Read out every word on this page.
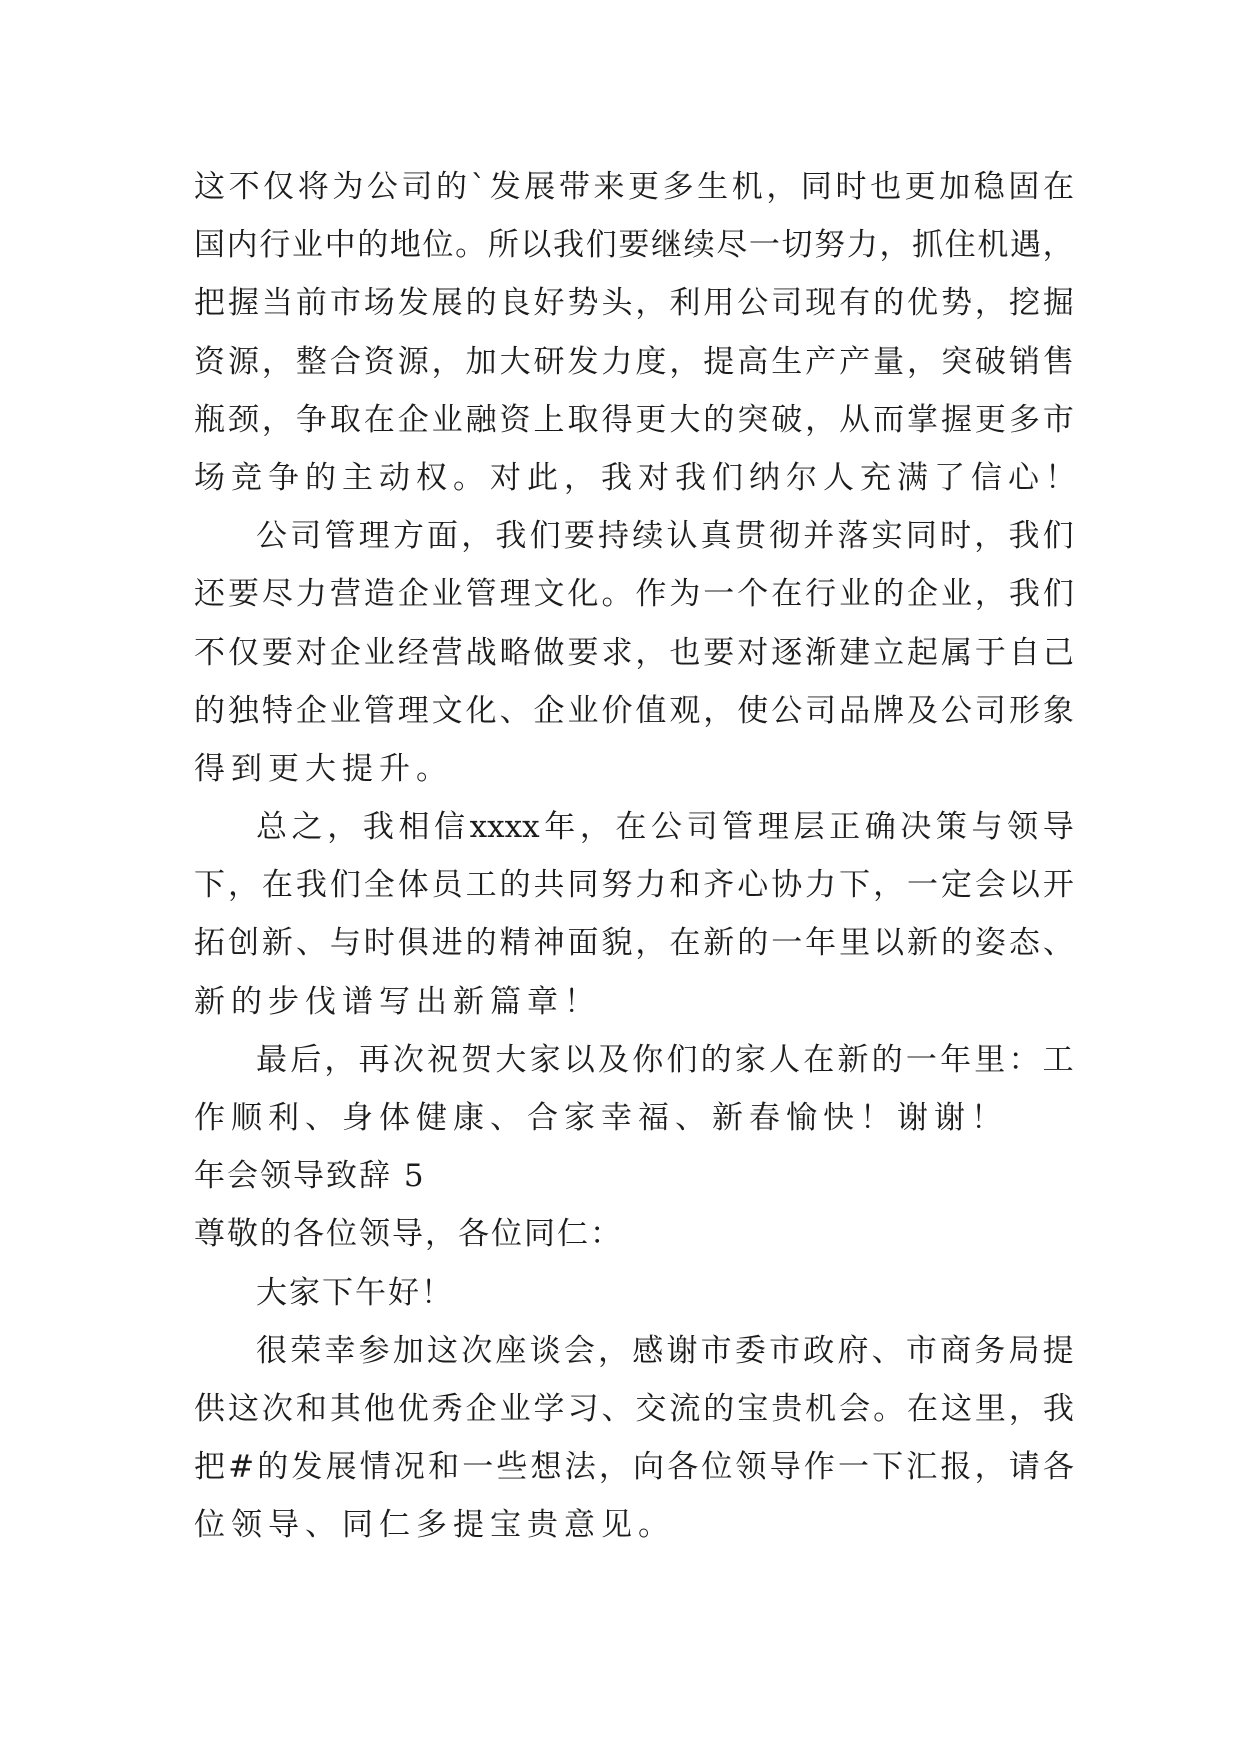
这 不 仅 将 为 公 司 的 ` 发 展 带 来 更 多 生 机 ， 同 时 也 更 加 稳 固 在
国 内 行 业 中 的 地 位 。 所 以 我 们 要 继 续 尽 一 切 努 力 ， 抓 住 机 遇 ，
把 握 当 前 市 场 发 展 的 良 好 势 头 ， 利 用 公 司 现 有 的 优 势 ， 挖 掘
资 源 ， 整 合 资 源 ， 加 大 研 发 力 度 ， 提 高 生 产 产 量 ， 突 破 销 售
瓶 颈 ， 争 取 在 企 业 融 资 上 取 得 更 大 的 突 破 ， 从 而 掌 握 更 多 市
场竞争的主动权。对此，我对我们纳尔人充满了信心！
公 司 管 理 方 面 ， 我 们 要 持 续 认 真 贯 彻 并 落 实 同 时 ， 我 们
还 要 尽 力 营 造 企 业 管 理 文 化 。 作 为 一 个 在 行 业 的 企 业 ， 我 们
不 仅 要 对 企 业 经 营 战 略 做 要 求 ， 也 要 对 逐 渐 建 立 起 属 于 自 己
的 独 特 企 业 管 理 文 化 、 企 业 价 值 观 ， 使 公 司 品 牌 及 公 司 形 象
得到更大提升。
总 之 ， 我 相 信 xxxx 年 ， 在 公 司 管 理 层 正 确 决 策 与 领 导
下 ， 在 我 们 全 体 员 工 的 共 同 努 力 和 齐 心 协 力 下 ， 一 定 会 以 开
拓 创 新 、 与 时 俱 进 的 精 神 面 貌 ， 在 新 的 一 年 里 以 新 的 姿 态 、
新的步伐谱写出新篇章！
最 后 ， 再 次 祝 贺 大 家 以 及 你 们 的 家 人 在 新 的 一 年 里 ： 工
作顺利、身体健康、合家幸福、新春愉快！谢谢！
年会领导致辞 5
尊敬的各位领导，各位同仁：
大家下午好！
很 荣 幸 参 加 这 次 座 谈 会 ， 感 谢 市 委 市 政 府 、 市 商 务 局 提
供 这 次 和 其 他 优 秀 企 业 学 习 、 交 流 的 宝 贵 机 会 。 在 这 里 ， 我
把 # 的 发 展 情 况 和 一 些 想 法 ， 向 各 位 领 导 作 一 下 汇 报 ， 请 各
位领导、同仁多提宝贵意见。
